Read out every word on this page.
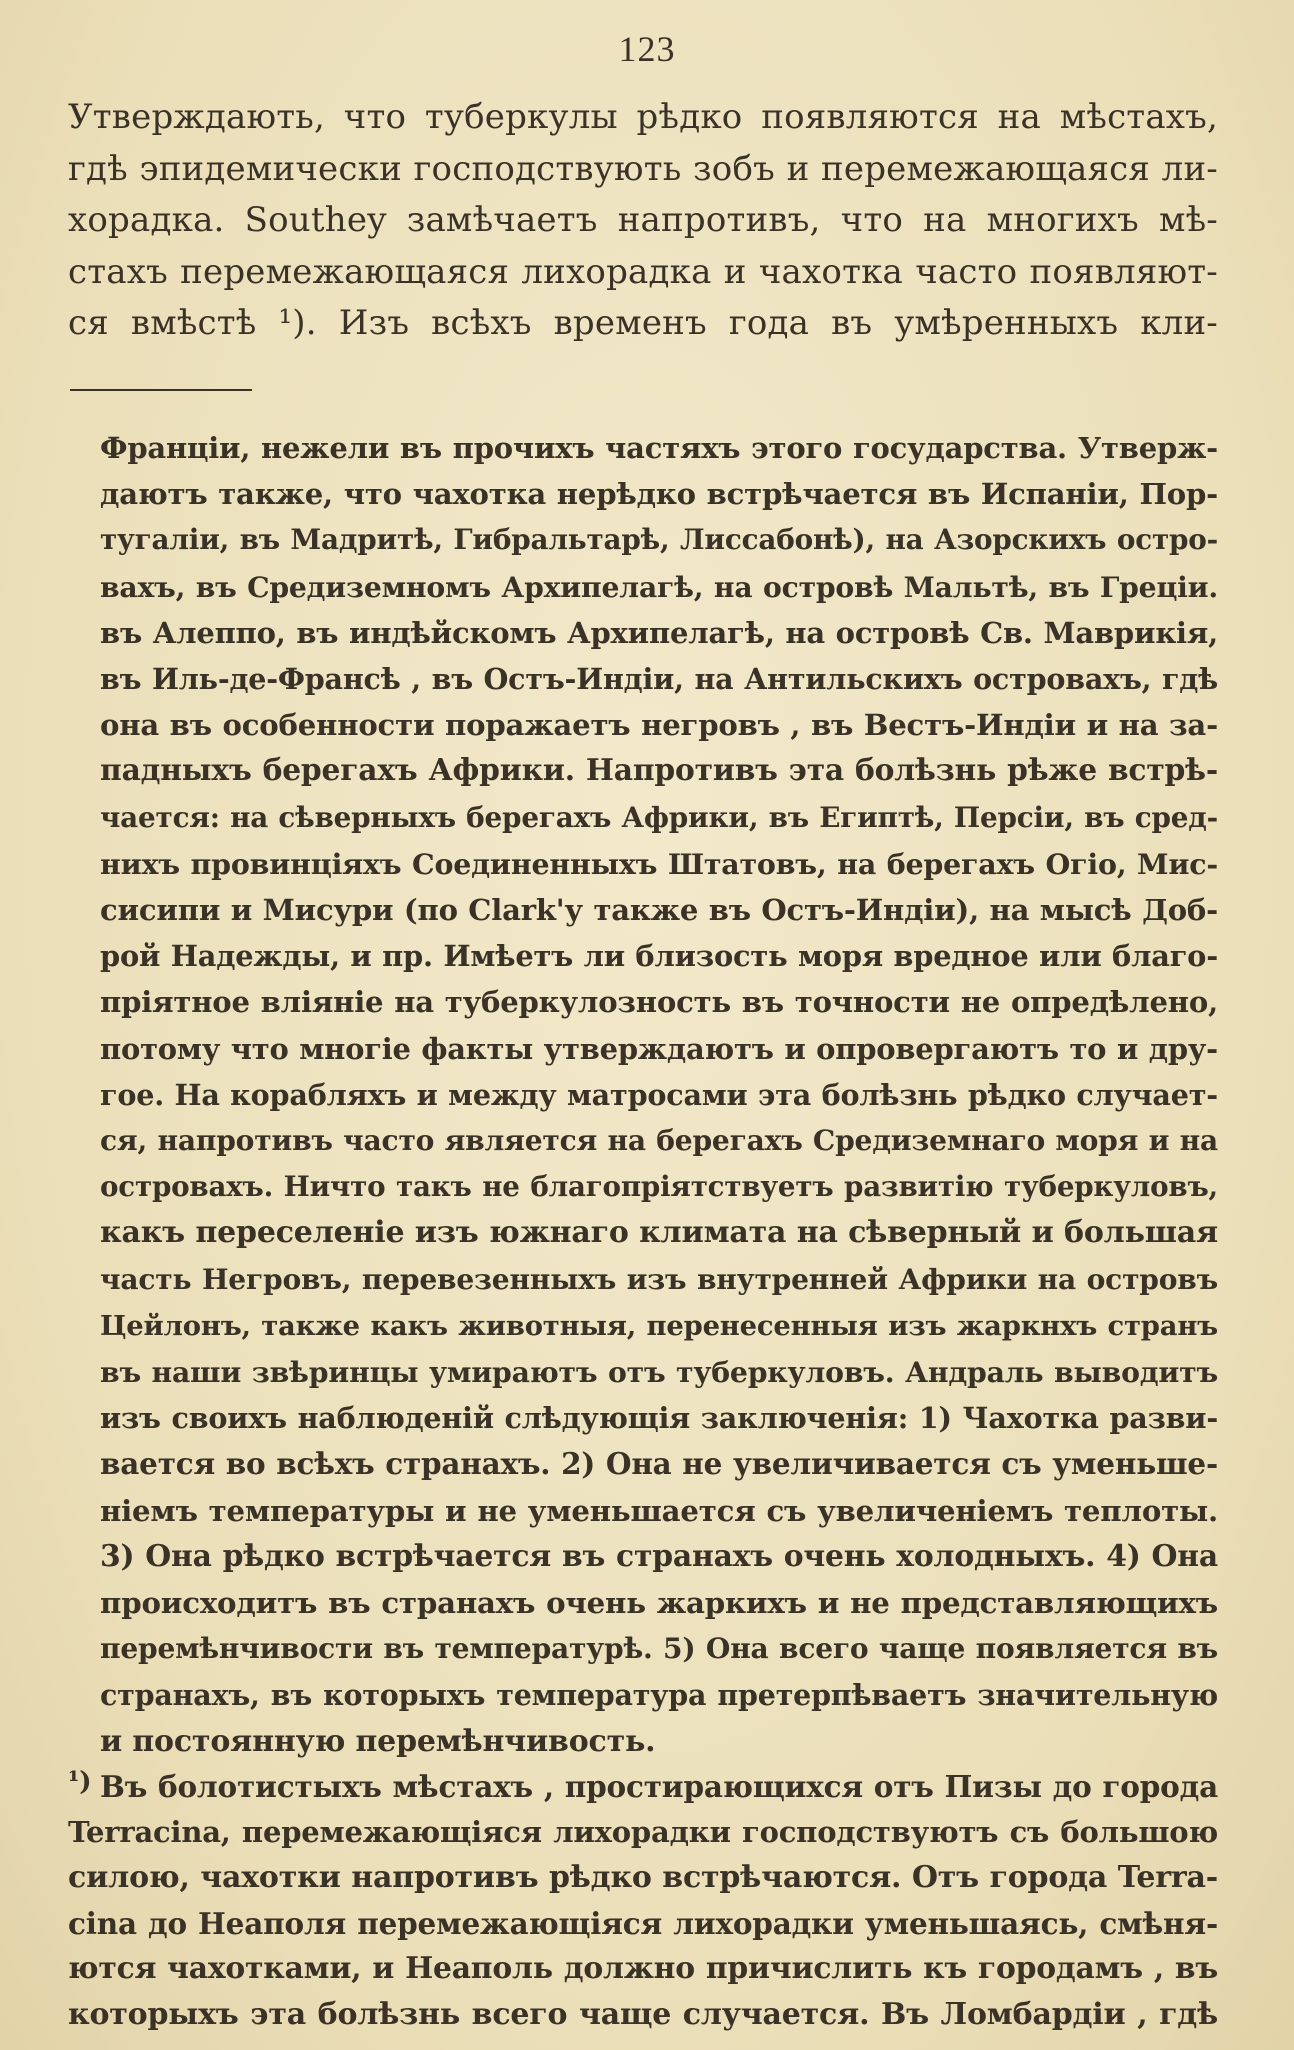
123
Утверждають, что туберкулы рѣдко появляются на мѣстахъ,
гдѣ эпидемически господствують зобъ и перемежающаяся ли-
хорадка. Southey замѣчаетъ напротивъ, что на многихъ мѣ-
стахъ перемежающаяся лихорадка и чахотка часто появляют-
ся вмѣстѣ ¹). Изъ всѣхъ временъ года въ умѣренныхъ кли-
Франціи, нежели въ прочихъ частяхъ этого государства. Утверж-
даютъ также, что чахотка нерѣдко встрѣчается въ Испаніи, Пор-
тугаліи, въ Мадритѣ, Гибральтарѣ, Лиссабонѣ), на Азорскихъ остро-
вахъ, въ Средиземномъ Архипелагѣ, на островѣ Мальтѣ, въ Греціи.
въ Алеппо, въ индѣйскомъ Архипелагѣ, на островѣ Св. Маврикія,
въ Иль-де-Франсѣ , въ Остъ-Индіи, на Антильскихъ островахъ, гдѣ
она въ особенности поражаетъ негровъ , въ Вестъ-Индіи и на за-
падныхъ берегахъ Африки. Напротивъ эта болѣзнь рѣже встрѣ-
чается: на сѣверныхъ берегахъ Африки, въ Египтѣ, Персіи, въ сред-
нихъ провинціяхъ Соединенныхъ Штатовъ, на берегахъ Огіо, Мис-
сисипи и Мисури (по Clark'у также въ Остъ-Индіи), на мысѣ Доб-
рой Надежды, и пр. Имѣетъ ли близость моря вредное или благо-
пріятное вліяніе на туберкулозность въ точности не опредѣлено,
потому что многіе факты утверждаютъ и опровергаютъ то и дру-
гое. На корабляхъ и между матросами эта болѣзнь рѣдко случает-
ся, напротивъ часто является на берегахъ Средиземнаго моря и на
островахъ. Ничто такъ не благопріятствуетъ развитію туберкуловъ,
какъ переселеніе изъ южнаго климата на сѣверный и большая
часть Негровъ, перевезенныхъ изъ внутренней Африки на островъ
Цейлонъ, также какъ животныя, перенесенныя изъ жаркнхъ странъ
въ наши звѣринцы умираютъ отъ туберкуловъ. Андраль выводитъ
изъ своихъ наблюденій слѣдующія заключенія: 1) Чахотка разви-
вается во всѣхъ странахъ. 2) Она не увеличивается съ уменьше-
ніемъ температуры и не уменьшается съ увеличеніемъ теплоты.
3) Она рѣдко встрѣчается въ странахъ очень холодныхъ. 4) Она
происходитъ въ странахъ очень жаркихъ и не представляющихъ
перемѣнчивости въ температурѣ. 5) Она всего чаще появляется въ
странахъ, въ которыхъ температура претерпѣваетъ значительную
и постоянную перемѣнчивость.
¹) Въ болотистыхъ мѣстахъ , простирающихся отъ Пизы до города
Terracina, перемежающіяся лихорадки господствуютъ съ большою
силою, чахотки напротивъ рѣдко встрѣчаются. Отъ города Terra-
cina до Неаполя перемежающіяся лихорадки уменьшаясь, смѣня-
ются чахотками, и Неаполь должно причислить къ городамъ , въ
которыхъ эта болѣзнь всего чаще случается. Въ Ломбардіи , гдѣ
